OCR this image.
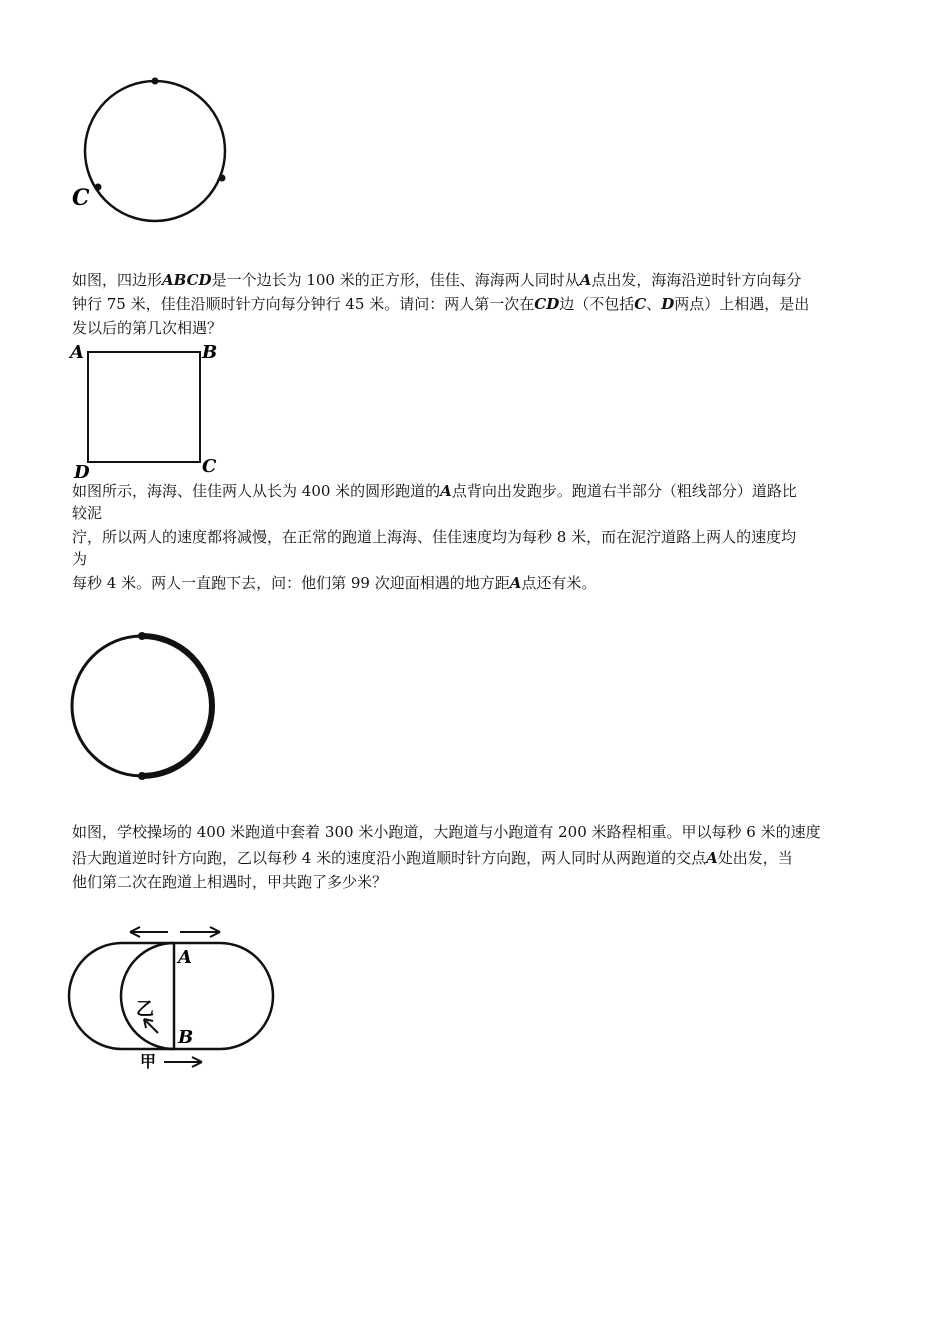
C
如图，四边形ABCD是一个边长为 100 米的正方形，佳佳、海海两人同时从A点出发，海海沿逆时针方向每分
钟行 75 米，佳佳沿顺时针方向每分钟行 45 米。请问：两人第一次在CD边（不包括C、D两点）上相遇，是出
发以后的第几次相遇？
A	B
C
D
如图所示，海海、佳佳两人从长为 400 米的圆形跑道的A点背向出发跑步。跑道右半部分（粗线部分）道路比
较泥
泞，所以两人的速度都将减慢，在正常的跑道上海海、佳佳速度均为每秒 8 米，而在泥泞道路上两人的速度均
为
每秒 4 米。两人一直跑下去，问：他们第 99 次迎面相遇的地方距A点还有米。
如图，学校操场的 400 米跑道中套着 300 米小跑道，大跑道与小跑道有 200 米路程相重。甲以每秒 6 米的速度
沿大跑道逆时针方向跑，乙以每秒 4 米的速度沿小跑道顺时针方向跑，两人同时从两跑道的交点A处出发，当
他们第二次在跑道上相遇时，甲共跑了多少米？
A
B
乙
甲
